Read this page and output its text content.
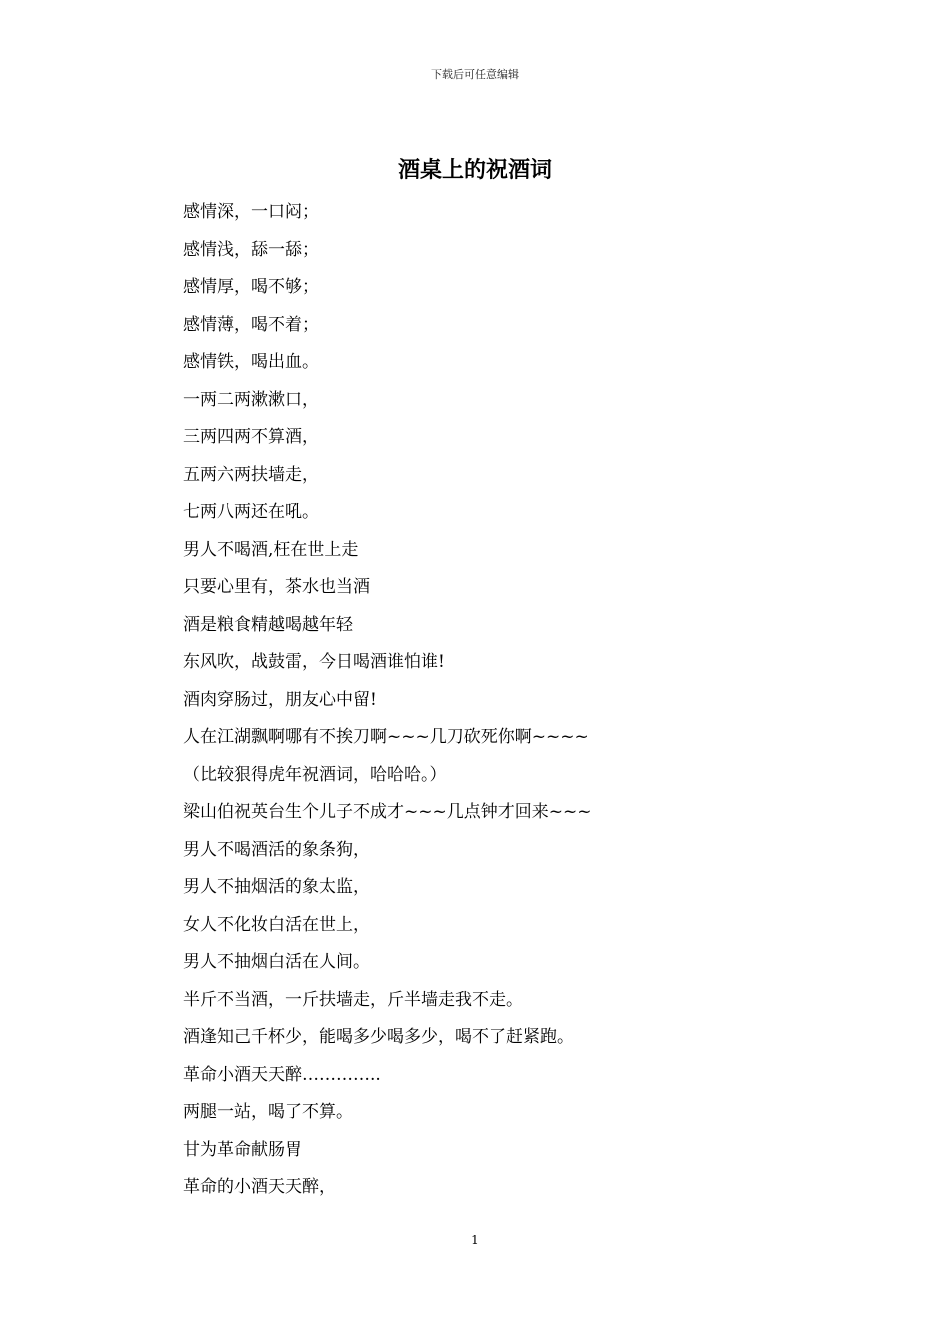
下载后可任意编辑
酒桌上的祝酒词
感情深，一口闷；
感情浅，舔一舔；
感情厚，喝不够；
感情薄，喝不着；
感情铁，喝出血。
一两二两漱漱口，
三两四两不算酒，
五两六两扶墙走，
七两八两还在吼。
男人不喝酒,枉在世上走
只要心里有，茶水也当酒
酒是粮食精越喝越年轻
东风吹，战鼓雷，今日喝酒谁怕谁!
酒肉穿肠过，朋友心中留!
人在江湖飘啊哪有不挨刀啊~~~几刀砍死你啊~~~~
（比较狠得虎年祝酒词，哈哈哈。）
梁山伯祝英台生个儿子不成才~~~几点钟才回来~~~
男人不喝酒活的象条狗，
男人不抽烟活的象太监，
女人不化妆白活在世上，
男人不抽烟白活在人间。
半斤不当酒，一斤扶墙走，斤半墙走我不走。
酒逢知己千杯少，能喝多少喝多少，喝不了赶紧跑。
革命小酒天天醉…………..
两腿一站，喝了不算。
甘为革命献肠胃
革命的小酒天天醉，
1
